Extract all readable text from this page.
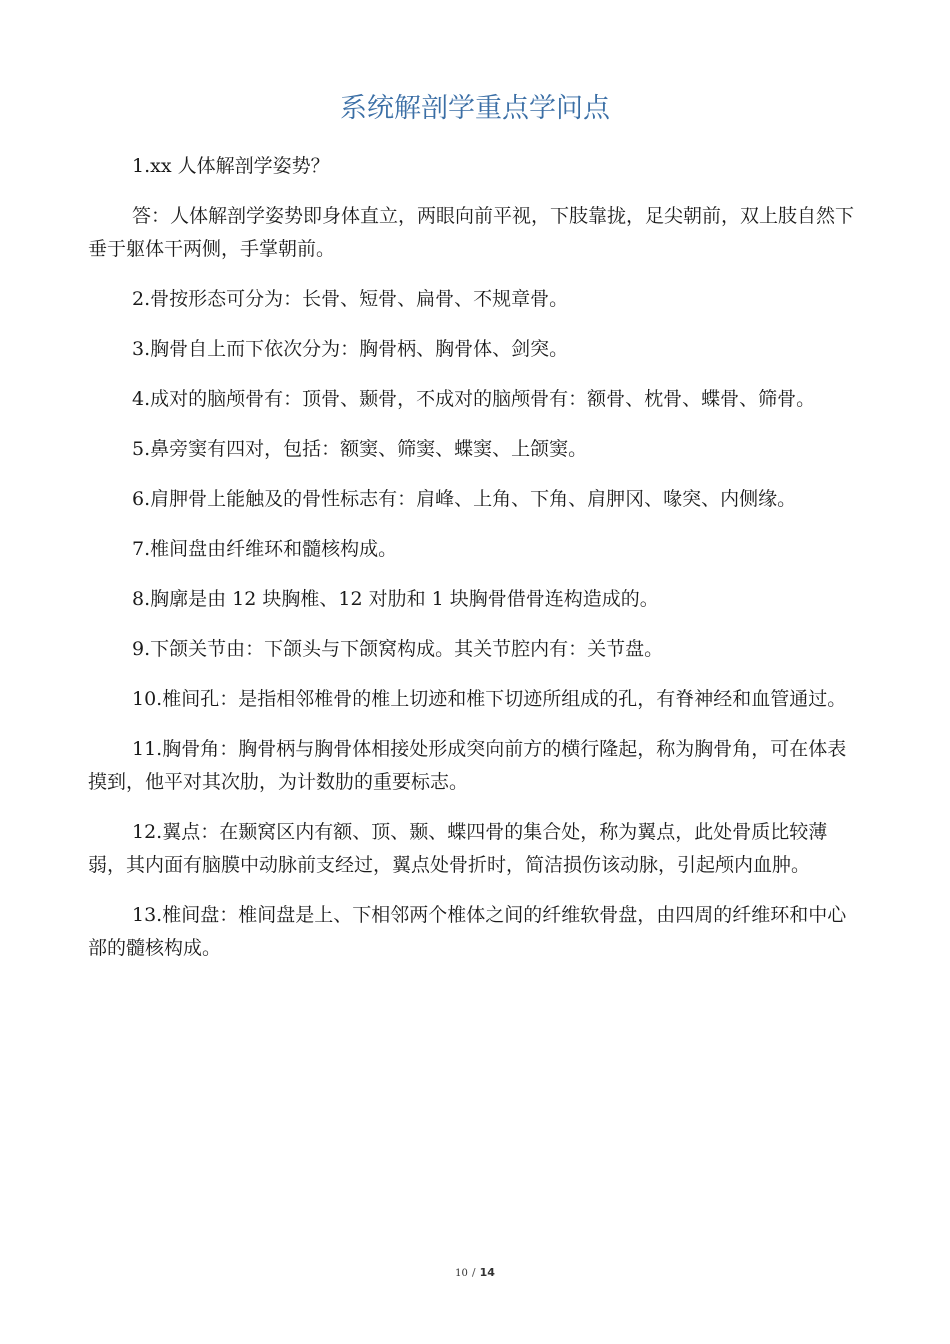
系统解剖学重点学问点

1.xx 人体解剖学姿势？

答：人体解剖学姿势即身体直立，两眼向前平视，下肢靠拢，足尖朝前，双上肢自然下垂于躯体干两侧，手掌朝前。

2.骨按形态可分为：长骨、短骨、扁骨、不规章骨。

3.胸骨自上而下依次分为：胸骨柄、胸骨体、剑突。

4.成对的脑颅骨有：顶骨、颞骨，不成对的脑颅骨有：额骨、枕骨、蝶骨、筛骨。

5.鼻旁窦有四对，包括：额窦、筛窦、蝶窦、上颌窦。

6.肩胛骨上能触及的骨性标志有：肩峰、上角、下角、肩胛冈、喙突、内侧缘。

7.椎间盘由纤维环和髓核构成。

8.胸廓是由 12 块胸椎、12 对肋和 1 块胸骨借骨连构造成的。

9.下颌关节由：下颌头与下颌窝构成。其关节腔内有：关节盘。

10.椎间孔：是指相邻椎骨的椎上切迹和椎下切迹所组成的孔，有脊神经和血管通过。

11.胸骨角：胸骨柄与胸骨体相接处形成突向前方的横行隆起，称为胸骨角，可在体表摸到，他平对其次肋，为计数肋的重要标志。

12.翼点：在颞窝区内有额、顶、颞、蝶四骨的集合处，称为翼点，此处骨质比较薄弱，其内面有脑膜中动脉前支经过，翼点处骨折时，简洁损伤该动脉，引起颅内血肿。

13.椎间盘：椎间盘是上、下相邻两个椎体之间的纤维软骨盘，由四周的纤维环和中心部的髓核构成。

10 / 14
